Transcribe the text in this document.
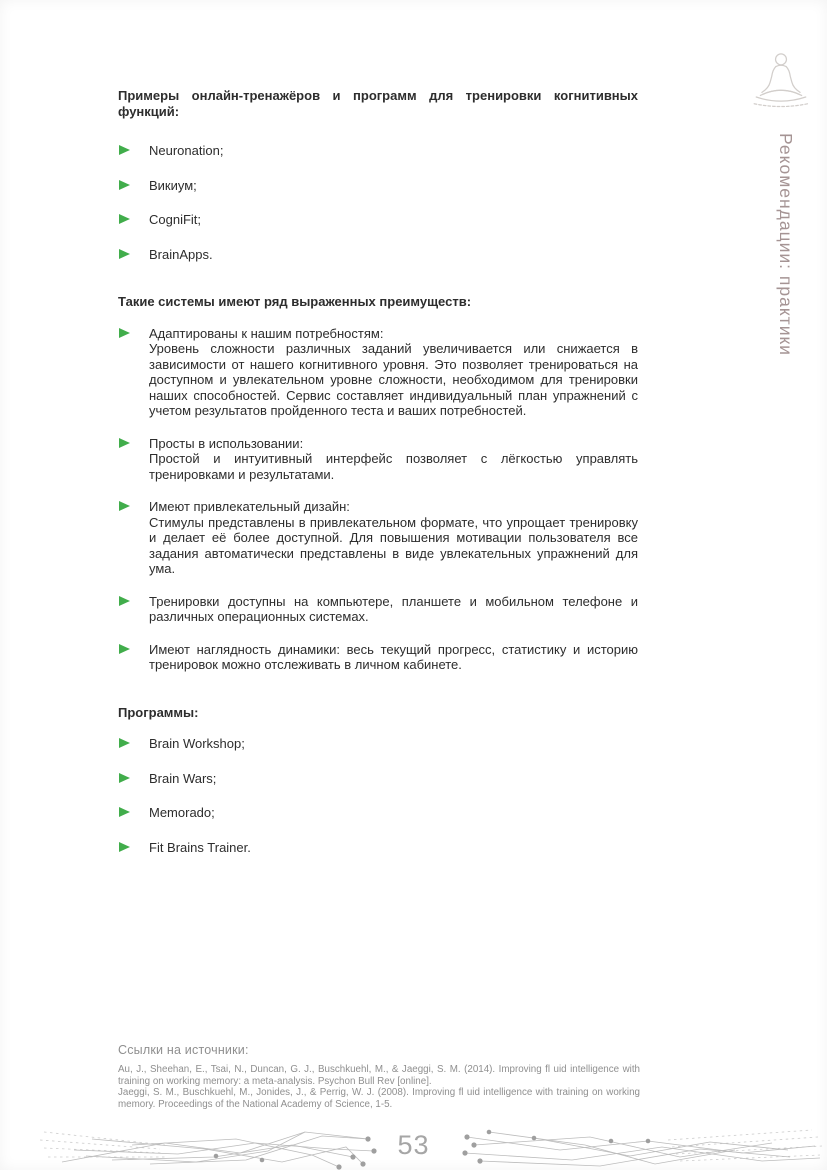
Рекомендации: практики

Примеры онлайн-тренажёров и программ для тренировки когнитивных функций:

Neuronation;
Викиум;
CogniFit;
BrainApps.

Такие системы имеют ряд выраженных преимуществ:

Адаптированы к нашим потребностям:
Уровень сложности различных заданий увеличивается или снижается в зависимости от нашего когнитивного уровня. Это позволяет тренироваться на доступном и увлекательном уровне сложности, необходимом для тренировки наших способностей. Сервис составляет индивидуальный план упражнений с учетом результатов пройденного теста и ваших потребностей.
Просты в использовании:
Простой и интуитивный интерфейс позволяет с лёгкостью управлять тренировками и результатами.
Имеют привлекательный дизайн:
Стимулы представлены в привлекательном формате, что упрощает тренировку и делает её более доступной. Для повышения мотивации пользователя все задания автоматически представлены в виде увлекательных упражнений для ума.
Тренировки доступны на компьютере, планшете и мобильном телефоне и различных операционных системах.
Имеют наглядность динамики: весь текущий прогресс, статистику и историю тренировок можно отслеживать в личном кабинете.

Программы:

Brain Workshop;
Brain Wars;
Memorado;
Fit Brains Trainer.
Ссылки на источники:
Au, J., Sheehan, E., Tsai, N., Duncan, G. J., Buschkuehl, M., & Jaeggi, S. M. (2014). Improving fl uid intelligence with training on working memory: a meta-analysis. Psychon Bull Rev [online].
Jaeggi, S. M., Buschkuehl, M., Jonides, J., & Perrig, W. J. (2008). Improving fl uid intelligence with training on working memory. Proceedings of the National Academy of Science, 1-5.
53
